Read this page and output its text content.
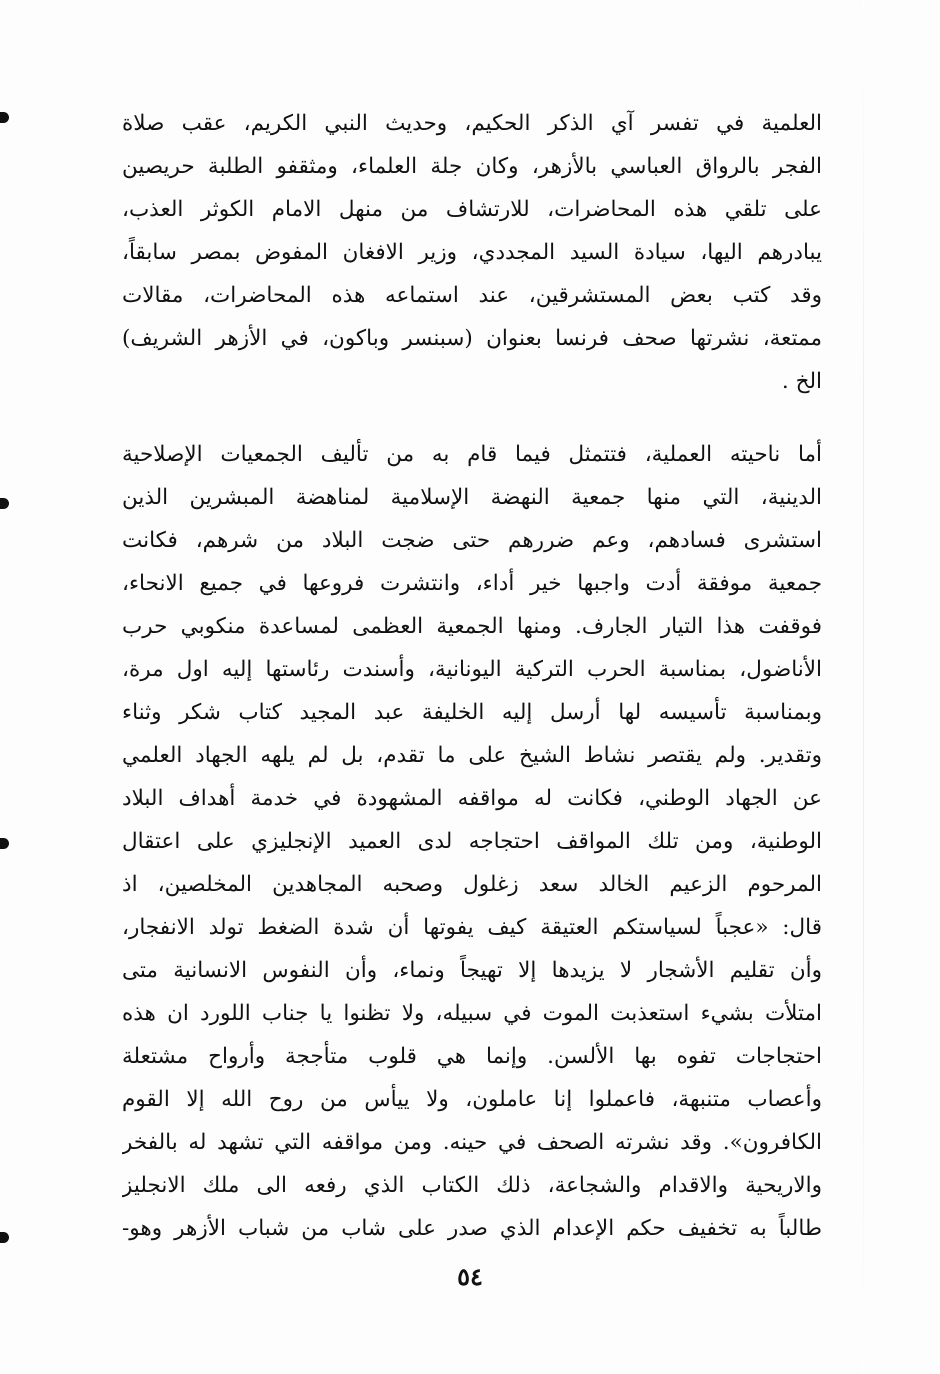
العلمية في تفسر آي الذكر الحكيم، وحديث النبي الكريم، عقب صلاة
الفجر بالرواق العباسي بالأزهر، وكان جلة العلماء، ومثقفو الطلبة حريصين
على تلقي هذه المحاضرات، للارتشاف من منهل الامام الكوثر العذب،
يبادرهم اليها، سيادة السيد المجددي، وزير الافغان المفوض بمصر سابقاً،
وقد كتب بعض المستشرقين، عند استماعه هذه المحاضرات، مقالات
ممتعة، نشرتها صحف فرنسا بعنوان (سبنسر وباكون، في الأزهر الشريف)
الخ .
أما ناحيته العملية، فتتمثل فيما قام به من تأليف الجمعيات الإصلاحية
الدينية، التي منها جمعية النهضة الإسلامية لمناهضة المبشرين الذين
استشرى فسادهم، وعم ضررهم حتى ضجت البلاد من شرهم، فكانت
جمعية موفقة أدت واجبها خير أداء، وانتشرت فروعها في جميع الانحاء،
فوقفت هذا التيار الجارف. ومنها الجمعية العظمى لمساعدة منكوبي حرب
الأناضول، بمناسبة الحرب التركية اليونانية، وأسندت رئاستها إليه اول مرة،
وبمناسبة تأسيسه لها أرسل إليه الخليفة عبد المجيد كتاب شكر وثناء
وتقدير. ولم يقتصر نشاط الشيخ على ما تقدم، بل لم يلهه الجهاد العلمي
عن الجهاد الوطني، فكانت له مواقفه المشهودة في خدمة أهداف البلاد
الوطنية، ومن تلك المواقف احتجاجه لدى العميد الإنجليزي على اعتقال
المرحوم الزعيم الخالد سعد زغلول وصحبه المجاهدين المخلصين، اذ
قال: «عجباً لسياستكم العتيقة كيف يفوتها أن شدة الضغط تولد الانفجار،
وأن تقليم الأشجار لا يزيدها إلا تهيجاً ونماء، وأن النفوس الانسانية متى
امتلأت بشيء استعذبت الموت في سبيله، ولا تظنوا يا جناب اللورد ان هذه
احتجاجات تفوه بها الألسن. وإنما هي قلوب متأججة وأرواح مشتعلة
وأعصاب متنبهة، فاعملوا إنا عاملون، ولا ييأس من روح الله إلا القوم
الكافرون». وقد نشرته الصحف في حينه. ومن مواقفه التي تشهد له بالفخر
والاريحية والاقدام والشجاعة، ذلك الكتاب الذي رفعه الى ملك الانجليز
طالباً به تخفيف حكم الإعدام الذي صدر على شاب من شباب الأزهر وهو-
٥٤
